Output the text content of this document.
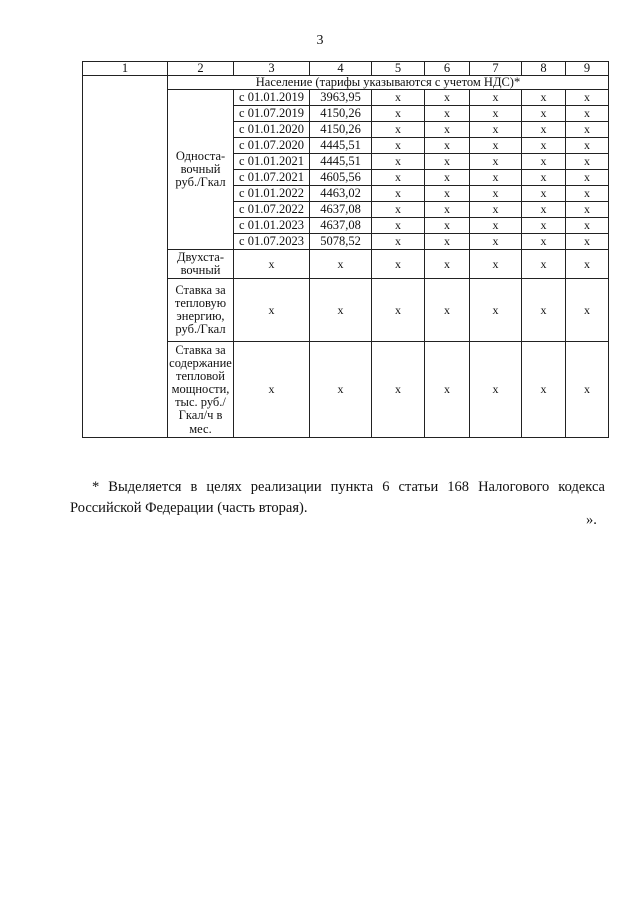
3
1	2	3	4	5	6	7	8	9
	Население (тарифы указываются с учетом НДС)*							
	Односта- вочный руб./Гкал	с 01.01.2019	3963,95	х	х	х	х	х
		с 01.07.2019	4150,26	х	х	х	х	х
		с 01.01.2020	4150,26	х	х	х	х	х
		с 01.07.2020	4445,51	х	х	х	х	х
		с 01.01.2021	4445,51	х	х	х	х	х
		с 01.07.2021	4605,56	х	х	х	х	х
		с 01.01.2022	4463,02	х	х	х	х	х
		с 01.07.2022	4637,08	х	х	х	х	х
		с 01.01.2023	4637,08	х	х	х	х	х
		с 01.07.2023	5078,52	х	х	х	х	х
	Двухста- вочный	х	х	х	х	х	х	х
	Ставка за тепловую энергию, руб./Гкал	х	х	х	х	х	х	х
	Ставка за содержание тепловой мощности, тыс. руб./ Гкал/ч в мес.	х	х	х	х	х	х	х

* Выделяется в целях реализации пункта 6 статьи 168 Налогового кодекса Российской Федерации (часть вторая).

».
